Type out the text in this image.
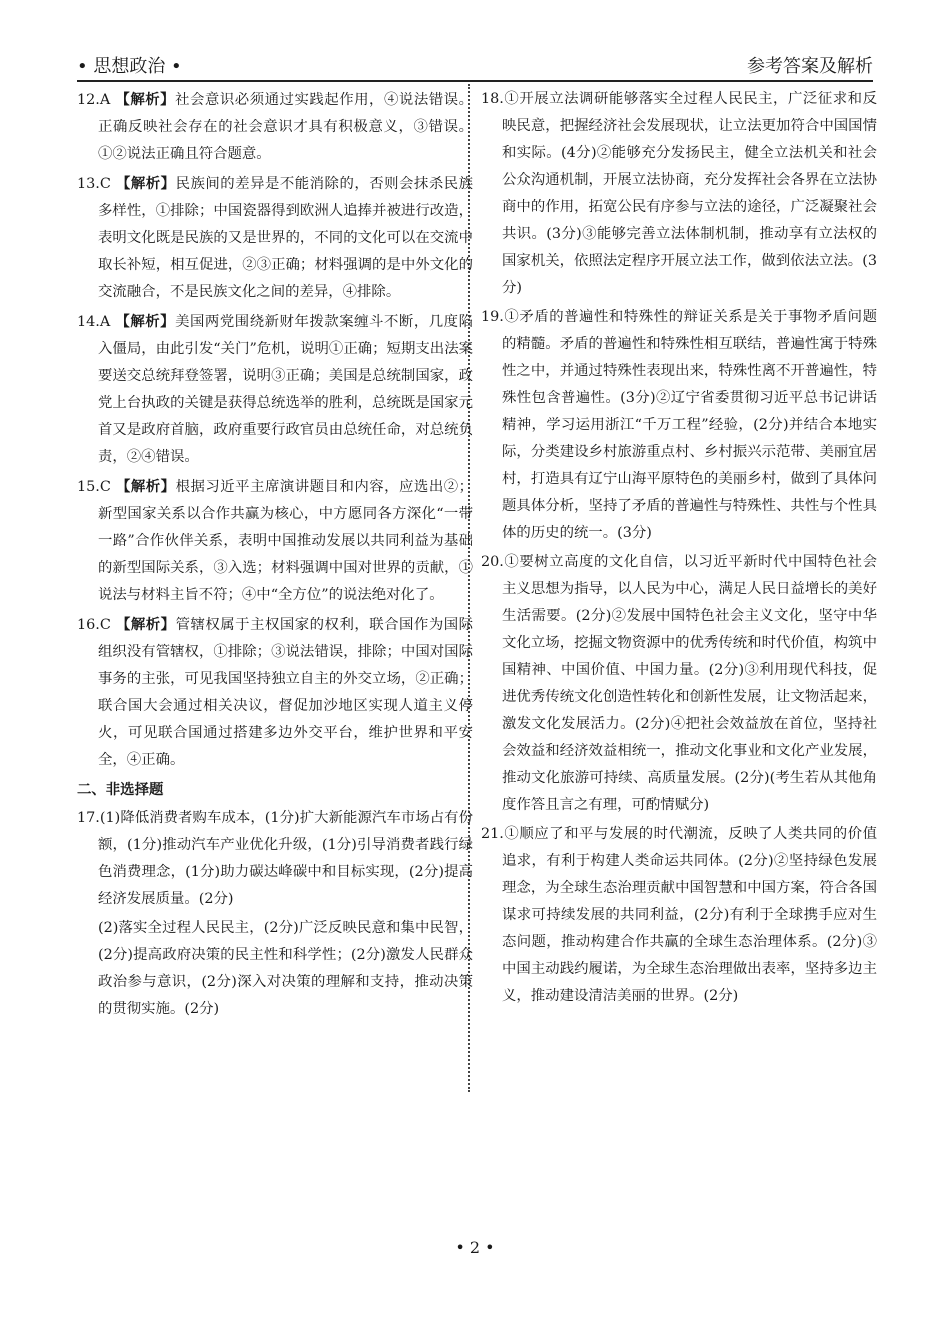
• 思想政治 •	参考答案及解析
12.A 【解析】社会意识必须通过实践起作用，④说法错误。正确反映社会存在的社会意识才具有积极意义，③错误。①②说法正确且符合题意。
13.C 【解析】民族间的差异是不能消除的，否则会抹杀民族多样性，①排除；中国瓷器得到欧洲人追捧并被进行改造，表明文化既是民族的又是世界的，不同的文化可以在交流中取长补短，相互促进，②③正确；材料强调的是中外文化的交流融合，不是民族文化之间的差异，④排除。
14.A 【解析】美国两党围绕新财年拨款案缠斗不断，几度陷入僵局，由此引发“关门”危机，说明①正确；短期支出法案要送交总统拜登签署，说明③正确；美国是总统制国家，政党上台执政的关键是获得总统选举的胜利，总统既是国家元首又是政府首脑，政府重要行政官员由总统任命，对总统负责，②④错误。
15.C 【解析】根据习近平主席演讲题目和内容，应选出②；新型国家关系以合作共赢为核心，中方愿同各方深化“一带一路”合作伙伴关系，表明中国推动发展以共同利益为基础的新型国际关系，③入选；材料强调中国对世界的贡献，①说法与材料主旨不符；④中“全方位”的说法绝对化了。
16.C 【解析】管辖权属于主权国家的权利，联合国作为国际组织没有管辖权，①排除；③说法错误，排除；中国对国际事务的主张，可见我国坚持独立自主的外交立场，②正确；联合国大会通过相关决议，督促加沙地区实现人道主义停火，可见联合国通过搭建多边外交平台，维护世界和平安全，④正确。
二、非选择题
17.(1)降低消费者购车成本，(1分)扩大新能源汽车市场占有份额，(1分)推动汽车产业优化升级，(1分)引导消费者践行绿色消费理念，(1分)助力碳达峰碳中和目标实现，(2分)提高经济发展质量。(2分)

(2)落实全过程人民民主，(2分)广泛反映民意和集中民智，(2分)提高政府决策的民主性和科学性；(2分)激发人民群众政治参与意识，(2分)深入对决策的理解和支持，推动决策的贯彻实施。(2分)

18.①开展立法调研能够落实全过程人民民主，广泛征求和反映民意，把握经济社会发展现状，让立法更加符合中国国情和实际。(4分)②能够充分发扬民主，健全立法机关和社会公众沟通机制，开展立法协商，充分发挥社会各界在立法协商中的作用，拓宽公民有序参与立法的途径，广泛凝聚社会共识。(3分)③能够完善立法体制机制，推动享有立法权的国家机关，依照法定程序开展立法工作，做到依法立法。(3分)
19.①矛盾的普遍性和特殊性的辩证关系是关于事物矛盾问题的精髓。矛盾的普遍性和特殊性相互联结，普遍性寓于特殊性之中，并通过特殊性表现出来，特殊性离不开普遍性，特殊性包含普遍性。(3分)②辽宁省委贯彻习近平总书记讲话精神，学习运用浙江“千万工程”经验，(2分)并结合本地实际，分类建设乡村旅游重点村、乡村振兴示范带、美丽宜居村，打造具有辽宁山海平原特色的美丽乡村，做到了具体问题具体分析，坚持了矛盾的普遍性与特殊性、共性与个性具体的历史的统一。(3分)
20.①要树立高度的文化自信，以习近平新时代中国特色社会主义思想为指导，以人民为中心，满足人民日益增长的美好生活需要。(2分)②发展中国特色社会主义文化，坚守中华文化立场，挖掘文物资源中的优秀传统和时代价值，构筑中国精神、中国价值、中国力量。(2分)③利用现代科技，促进优秀传统文化创造性转化和创新性发展，让文物活起来，激发文化发展活力。(2分)④把社会效益放在首位，坚持社会效益和经济效益相统一，推动文化事业和文化产业发展，推动文化旅游可持续、高质量发展。(2分)(考生若从其他角度作答且言之有理，可酌情赋分)
21.①顺应了和平与发展的时代潮流，反映了人类共同的价值追求，有利于构建人类命运共同体。(2分)②坚持绿色发展理念，为全球生态治理贡献中国智慧和中国方案，符合各国谋求可持续发展的共同利益，(2分)有利于全球携手应对生态问题，推动构建合作共赢的全球生态治理体系。(2分)③中国主动践约履诺，为全球生态治理做出表率，坚持多边主义，推动建设清洁美丽的世界。(2分)
• 2 •
